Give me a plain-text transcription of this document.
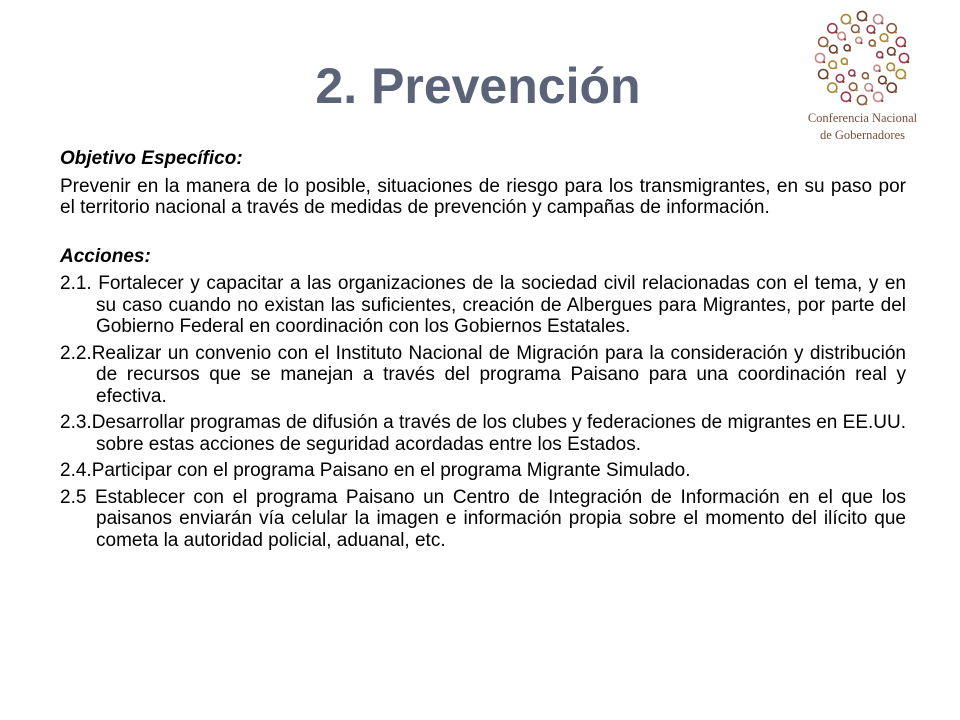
2. Prevención
Conferencia Nacional
de Gobernadores

Objetivo Específico:

Prevenir en la manera de lo posible, situaciones de riesgo para los transmigrantes, en su paso por el territorio nacional a través de medidas de prevención y campañas de información.

Acciones:

2.1. Fortalecer y capacitar a las organizaciones de la sociedad civil relacionadas con el tema, y en su caso cuando no existan las suficientes, creación de Albergues para Migrantes, por parte del Gobierno Federal en coordinación con los Gobiernos Estatales.

2.2.Realizar un convenio con el Instituto Nacional de Migración para la consideración y distribución de recursos que se manejan a través del programa Paisano para una coordinación real y efectiva.

2.3.Desarrollar programas de difusión a través de los clubes y federaciones de migrantes en EE.UU. sobre estas acciones de seguridad acordadas entre los Estados.

2.4.Participar con el programa Paisano en el programa Migrante Simulado.

2.5 Establecer con el programa Paisano un Centro de Integración de Información en el que los paisanos enviarán vía celular la imagen e información propia sobre el momento del ilícito que cometa la autoridad policial, aduanal, etc.
